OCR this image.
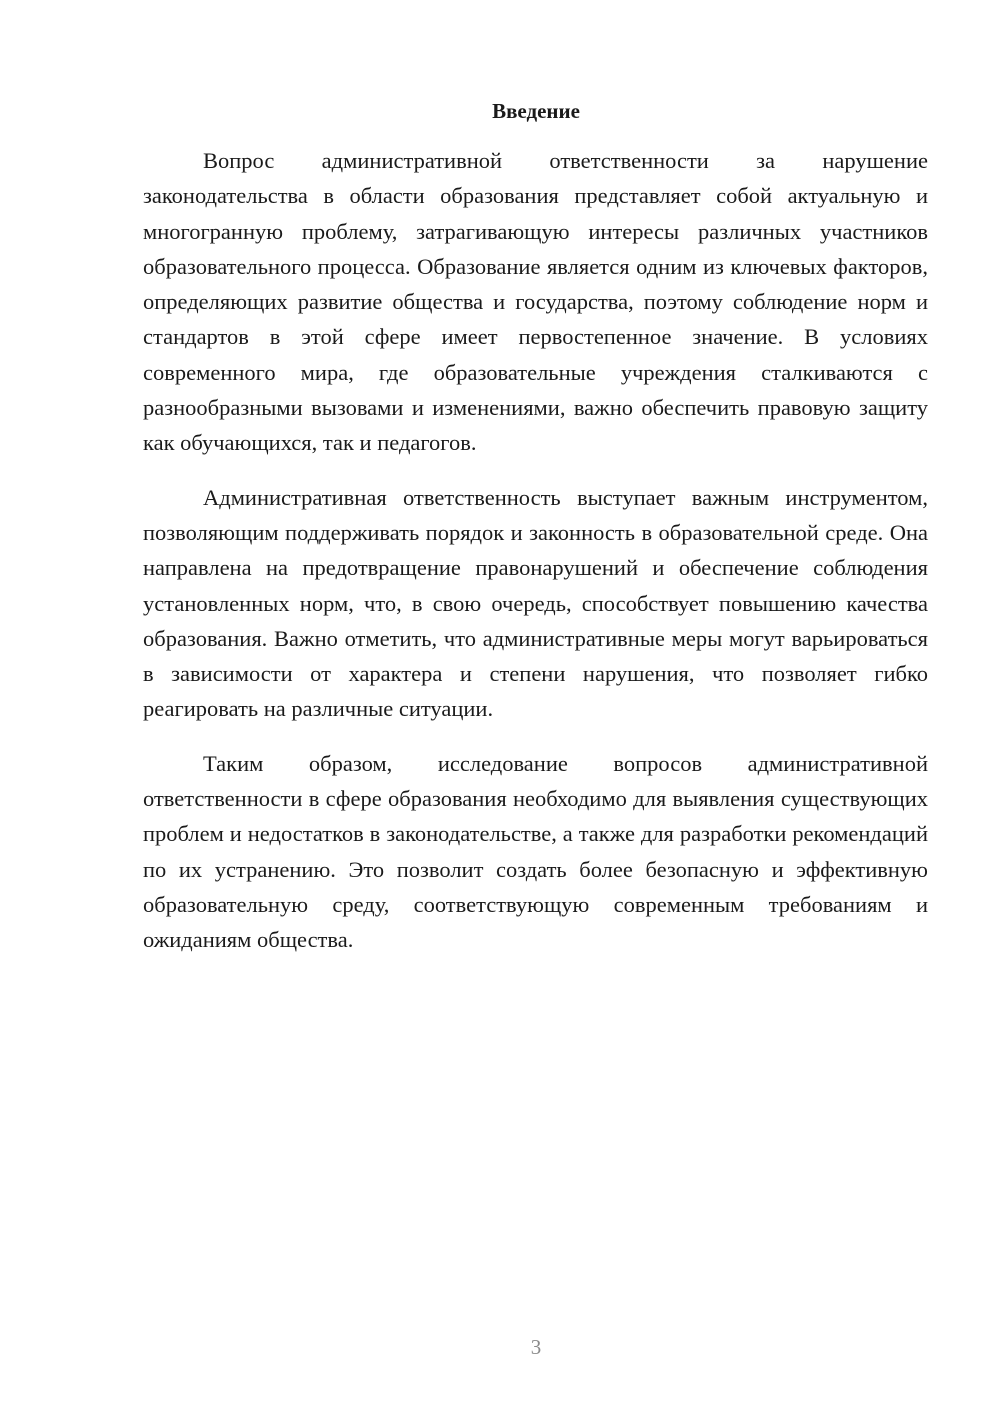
Введение

Вопрос административной ответственности за нарушение законодательства в области образования представляет собой актуальную и многогранную проблему, затрагивающую интересы различных участников образовательного процесса. Образование является одним из ключевых факторов, определяющих развитие общества и государства, поэтому соблюдение норм и стандартов в этой сфере имеет первостепенное значение. В условиях современного мира, где образовательные учреждения сталкиваются с разнообразными вызовами и изменениями, важно обеспечить правовую защиту как обучающихся, так и педагогов.

Административная ответственность выступает важным инструментом, позволяющим поддерживать порядок и законность в образовательной среде. Она направлена на предотвращение правонарушений и обеспечение соблюдения установленных норм, что, в свою очередь, способствует повышению качества образования. Важно отметить, что административные меры могут варьироваться в зависимости от характера и степени нарушения, что позволяет гибко реагировать на различные ситуации.

Таким образом, исследование вопросов административной ответственности в сфере образования необходимо для выявления существующих проблем и недостатков в законодательстве, а также для разработки рекомендаций по их устранению. Это позволит создать более безопасную и эффективную образовательную среду, соответствующую современным требованиям и ожиданиям общества.

3
